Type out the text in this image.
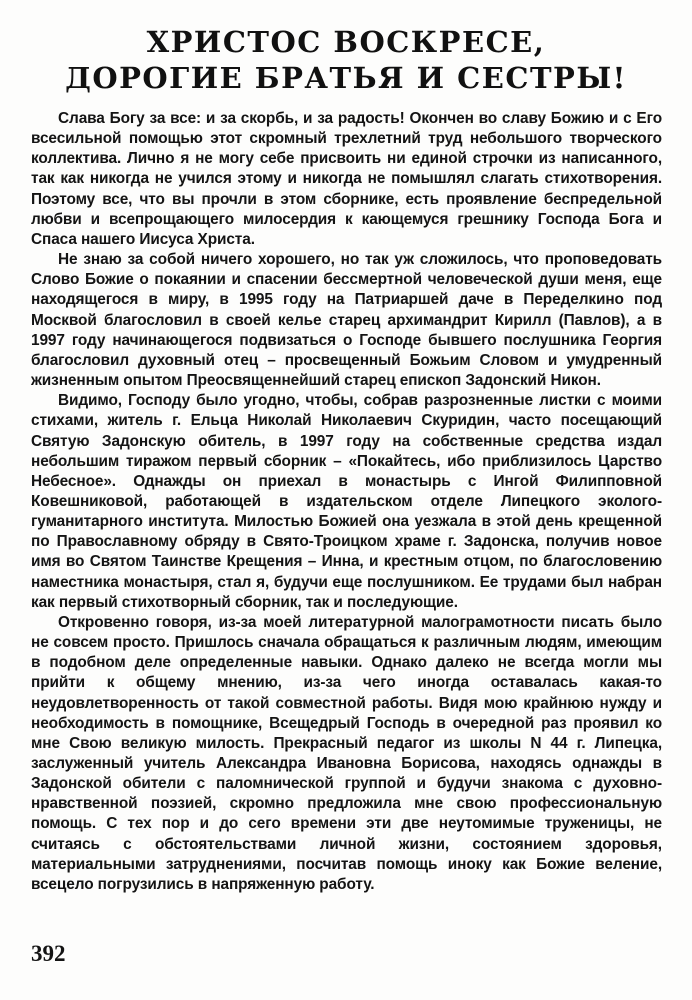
ХРИСТОС ВОСКРЕСЕ,
ДОРОГИЕ БРАТЬЯ И СЕСТРЫ!

Слава Богу за все: и за скорбь, и за радость! Окончен во славу Божию и с Его всесильной помощью этот скромный трехлетний труд небольшого творческого коллектива. Лично я не могу себе присвоить ни единой строчки из написанного, так как никогда не учился этому и никогда не помышлял слагать стихотворения. Поэтому все, что вы прочли в этом сборнике, есть проявление беспредельной любви и всепрощающего милосердия к кающемуся грешнику Господа Бога и Спаса нашего Иисуса Христа.

Не знаю за собой ничего хорошего, но так уж сложилось, что проповедовать Слово Божие о покаянии и спасении бессмертной человеческой души меня, еще находящегося в миру, в 1995 году на Патриаршей даче в Переделкино под Москвой благословил в своей келье старец архимандрит Кирилл (Павлов), а в 1997 году начинающегося подвизаться о Господе бывшего послушника Георгия благословил духовный отец – просвещенный Божьим Словом и умудренный жизненным опытом Преосвященнейший старец епископ Задонский Никон.

Видимо, Господу было угодно, чтобы, собрав разрозненные листки с моими стихами, житель г. Ельца Николай Николаевич Скуридин, часто посещающий Святую Задонскую обитель, в 1997 году на собственные средства издал небольшим тиражом первый сборник – «Покайтесь, ибо приблизилось Царство Небесное». Однажды он приехал в монастырь с Ингой Филипповной Ковешниковой, работающей в издательском отделе Липецкого эколого-гуманитарного института. Милостью Божией она уезжала в этой день крещенной по Православному обряду в Свято-Троицком храме г. Задонска, получив новое имя во Святом Таинстве Крещения – Инна, и крестным отцом, по благословению наместника монастыря, стал я, будучи еще послушником. Ее трудами был набран как первый стихотворный сборник, так и последующие.

Откровенно говоря, из-за моей литературной малограмотности писать было не совсем просто. Пришлось сначала обращаться к различным людям, имеющим в подобном деле определенные навыки. Однако далеко не всегда могли мы прийти к общему мнению, из-за чего иногда оставалась какая-то неудовлетворенность от такой совместной работы. Видя мою крайнюю нужду и необходимость в помощнике, Всещедрый Господь в очередной раз проявил ко мне Свою великую милость. Прекрасный педагог из школы N 44 г. Липецка, заслуженный учитель Александра Ивановна Борисова, находясь однажды в Задонской обители с паломнической группой и будучи знакома с духовно-нравственной поэзией, скромно предложила мне свою профессиональную помощь. С тех пор и до сего времени эти две неутомимые труженицы, не считаясь с обстоятельствами личной жизни, состоянием здоровья, материальными затруднениями, посчитав помощь иноку как Божие веление, всецело погрузились в напряженную работу.

392
